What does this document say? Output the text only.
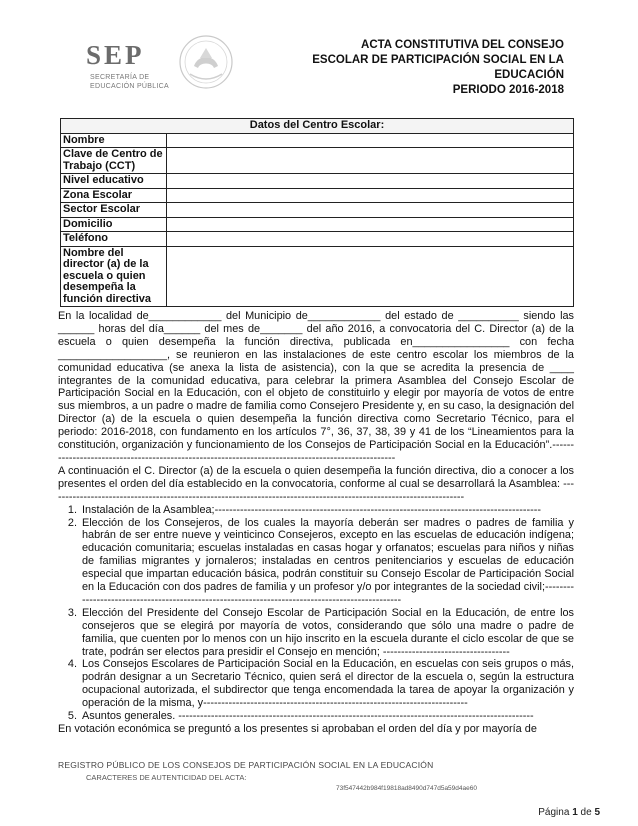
SEP
SECRETARÍA DE
EDUCACIÓN PÚBLICA
ACTA CONSTITUTIVA DEL CONSEJO
ESCOLAR DE PARTICIPACIÓN SOCIAL EN LA
EDUCACIÓN
PERIODO 2016-2018
Datos del Centro Escolar:	
Nombre	
Clave de Centro de Trabajo (CCT)	
Nivel educativo	
Zona Escolar	
Sector Escolar	
Domicilio	
Teléfono	
Nombre del director (a) de la escuela o quien desempeña la función directiva	

En la localidad de____________ del Municipio de____________ del estado de __________ siendo las ______ horas del día______ del mes de_______ del año 2016, a convocatoria del C. Director (a) de la escuela o quien desempeña la función directiva, publicada en________________ con fecha __________________, se reunieron en las instalaciones de este centro escolar los miembros de la comunidad educativa (se anexa la lista de asistencia), con la que se acredita la presencia de ____ integrantes de la comunidad educativa, para celebrar la primera Asamblea del Consejo Escolar de Participación Social en la Educación, con el objeto de constituirlo y elegir por mayoría de votos de entre sus miembros, a un padre o madre de familia como Consejero Presidente y, en su caso, la designación del Director (a) de la escuela o quien desempeña la función directiva como Secretario Técnico, para el periodo: 2016-2018, con fundamento en los artículos 7°, 36, 37, 38, 39 y 41 de los “Lineamientos para la constitución, organización y funcionamiento de los Consejos de Participación Social en la Educación”.---------------------------------------------------------------------------------------------------

A continuación el C. Director (a) de la escuela o quien desempeña la función directiva, dio a conocer a los presentes el orden del día establecido en la convocatoria, conforme al cual se desarrollará la Asamblea: -------------------------------------------------------------------------------------------------------------------

1. Instalación de la Asamblea;------------------------------------------------------------------------------------------
2. Elección de los Consejeros, de los cuales la mayoría deberán ser madres o padres de familia y habrán de ser entre nueve y veinticinco Consejeros, excepto en las escuelas de educación indígena; educación comunitaria; escuelas instaladas en casas hogar y orfanatos; escuelas para niños y niñas de familias migrantes y jornaleros; instaladas en centros penitenciarios y escuelas de educación especial que impartan educación básica, podrán constituir su Consejo Escolar de Participación Social en la Educación con dos padres de familia y un profesor y/o por integrantes de la sociedad civil;------------------------------------------------------------------------------------------------
3. Elección del Presidente del Consejo Escolar de Participación Social en la Educación, de entre los consejeros que se elegirá por mayoría de votos, considerando que sólo una madre o padre de familia, que cuenten por lo menos con un hijo inscrito en la escuela durante el ciclo escolar de que se trate, podrán ser electos para presidir el Consejo en mención; -----------------------------------
4. Los Consejos Escolares de Participación Social en la Educación, en escuelas con seis grupos o más, podrán designar a un Secretario Técnico, quien será el director de la escuela o, según la estructura ocupacional autorizada, el subdirector que tenga encomendada la tarea de apoyar la organización y operación de la misma, y-------------------------------------------------------------------------
5. Asuntos generales. --------------------------------------------------------------------------------------------------

En votación económica se preguntó a los presentes si aprobaban el orden del día y por mayoría de

REGISTRO PÚBLICO DE LOS CONSEJOS DE PARTICIPACIÓN SOCIAL EN LA EDUCACIÓN
CARACTERES DE AUTENTICIDAD DEL ACTA:
73f547442b984f19818ad8490d747d5a59d4ae60
Página 1 de 5
